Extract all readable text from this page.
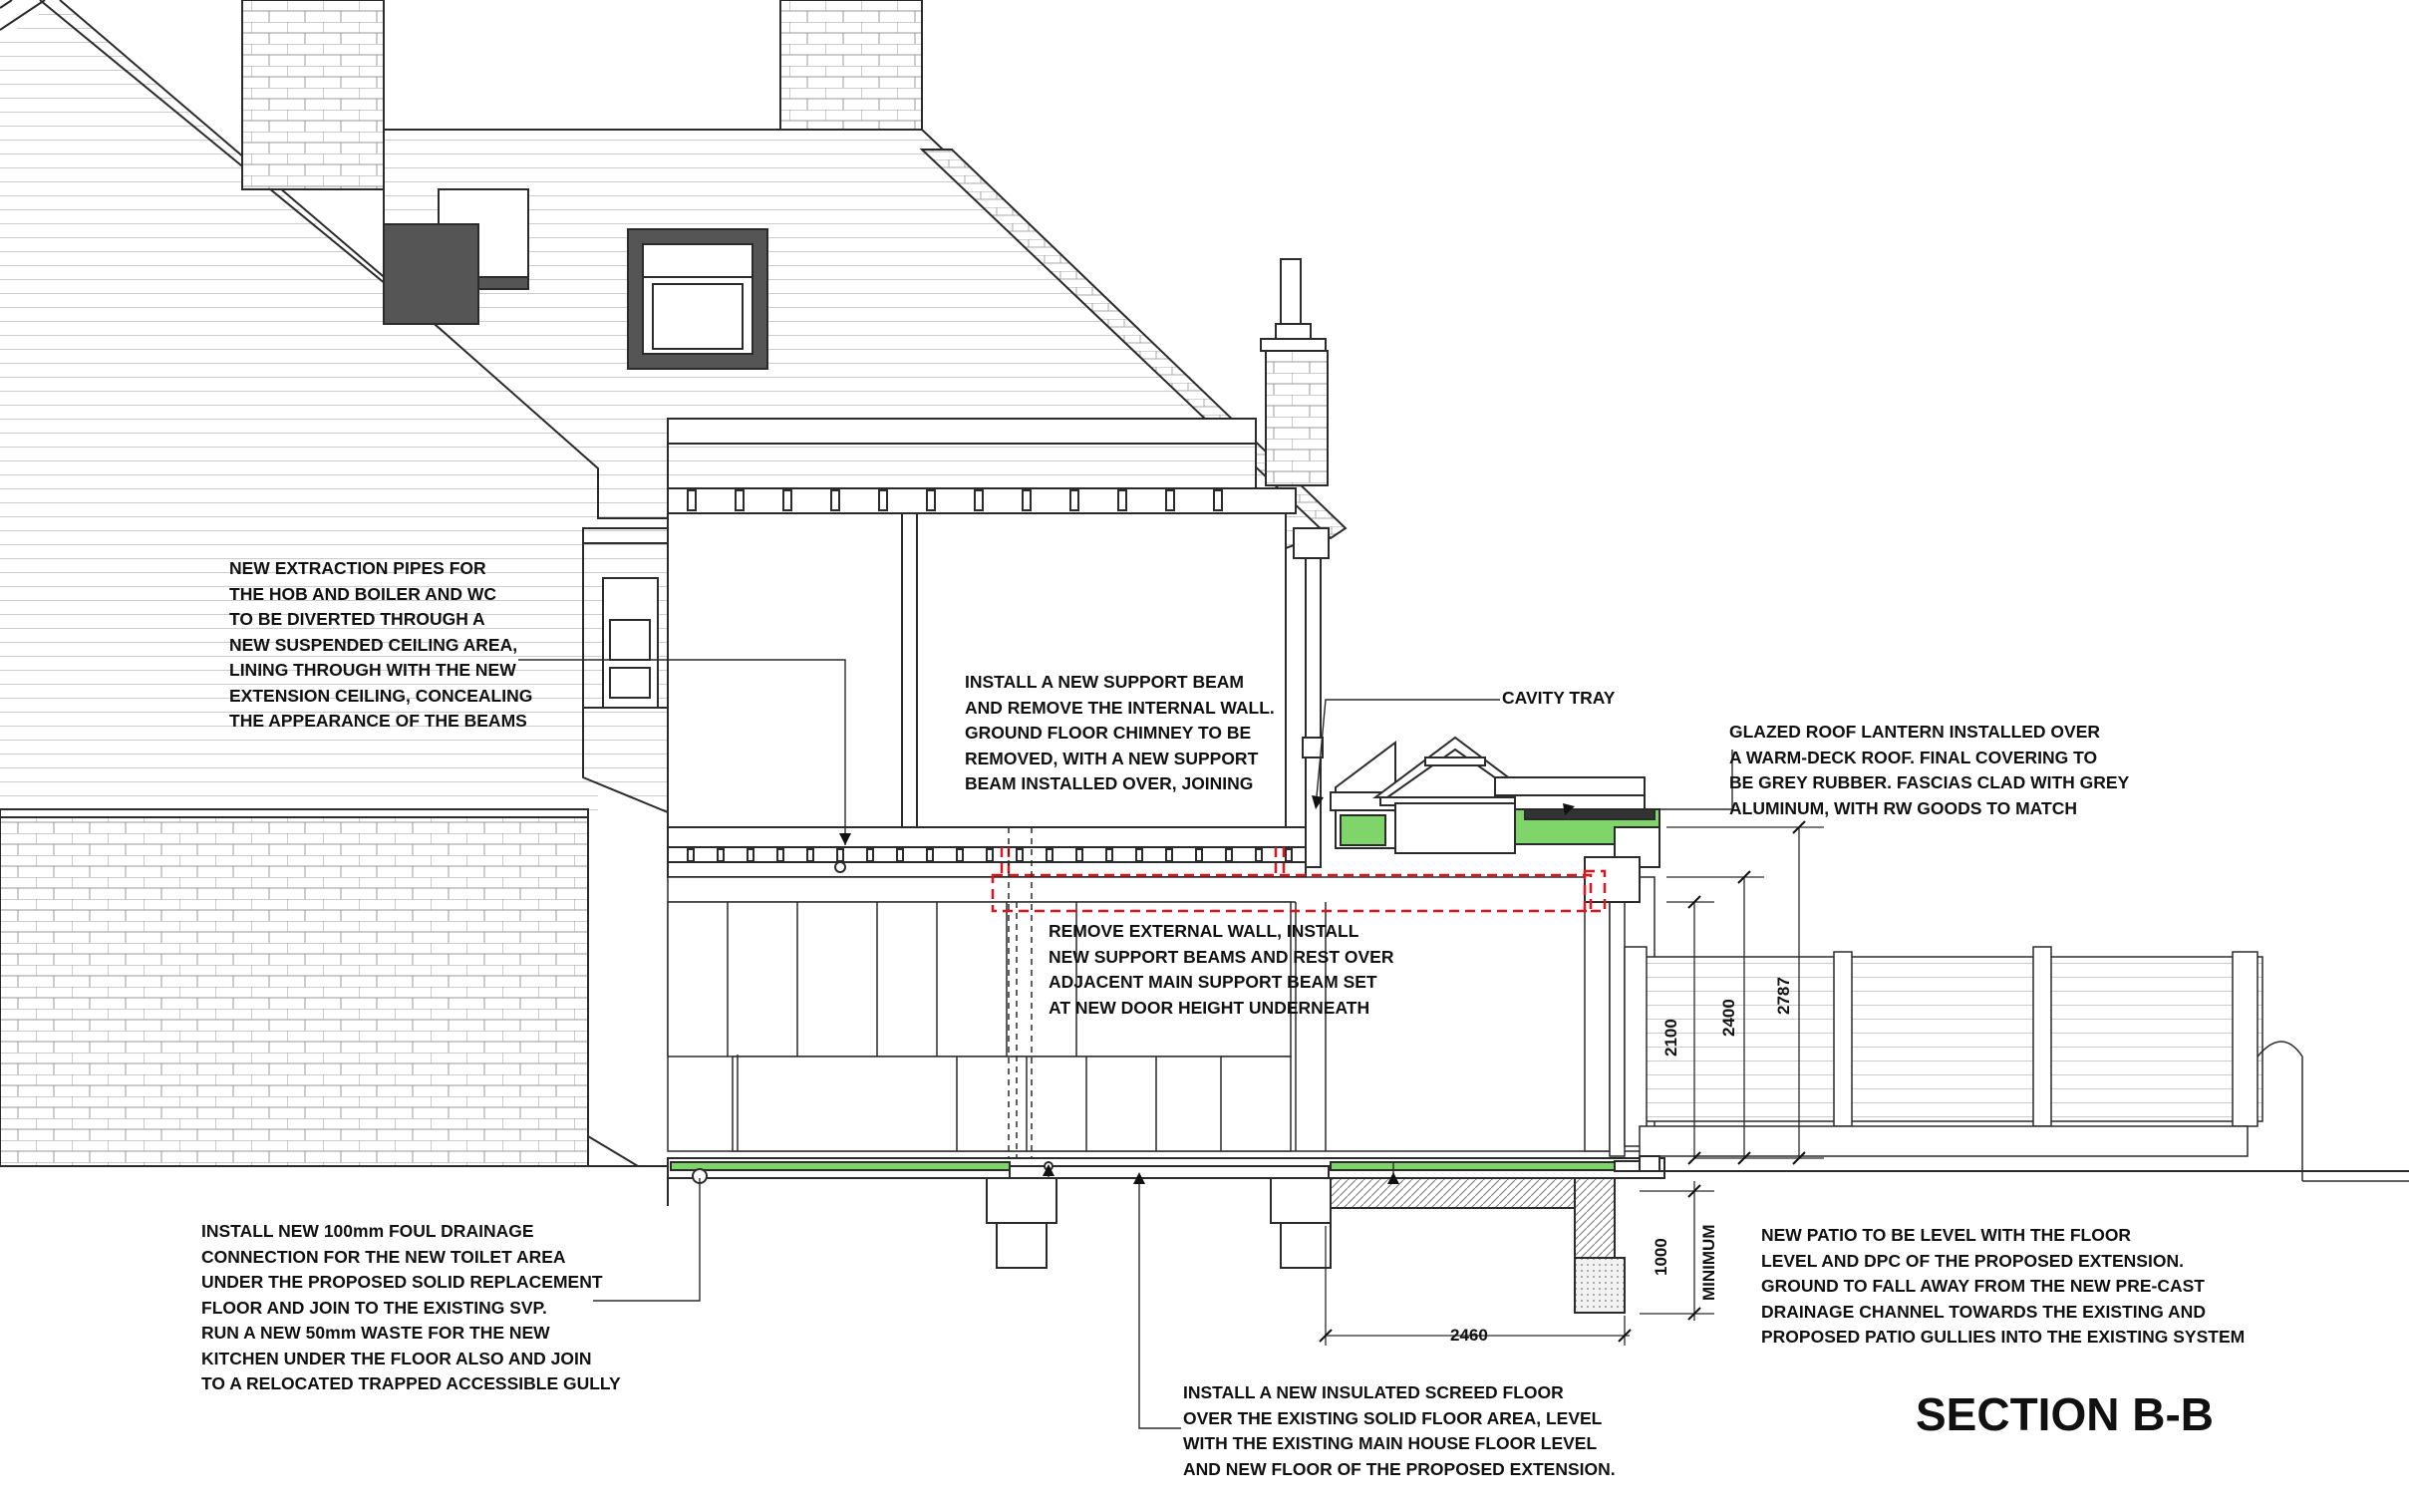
2100
2400
2787
1000 MINIMUM
2460

NEW EXTRACTION PIPES FOR
THE HOB AND BOILER AND WC
TO BE DIVERTED THROUGH A
NEW SUSPENDED CEILING AREA,
LINING THROUGH WITH THE NEW
EXTENSION CEILING, CONCEALING
THE APPEARANCE OF THE BEAMS

INSTALL A NEW SUPPORT BEAM
AND REMOVE THE INTERNAL WALL.
GROUND FLOOR CHIMNEY TO BE
REMOVED, WITH A NEW SUPPORT
BEAM INSTALLED OVER, JOINING

CAVITY TRAY

GLAZED ROOF LANTERN INSTALLED OVER
A WARM-DECK ROOF. FINAL COVERING TO
BE GREY RUBBER. FASCIAS CLAD WITH GREY
ALUMINUM, WITH RW GOODS TO MATCH

REMOVE EXTERNAL WALL, INSTALL
NEW SUPPORT BEAMS AND REST OVER
ADJACENT MAIN SUPPORT BEAM SET
AT NEW DOOR HEIGHT UNDERNEATH

INSTALL NEW 100mm FOUL DRAINAGE
CONNECTION FOR THE NEW TOILET AREA
UNDER THE PROPOSED SOLID REPLACEMENT
FLOOR AND JOIN TO THE EXISTING SVP.
RUN A NEW 50mm WASTE FOR THE NEW
KITCHEN UNDER THE FLOOR ALSO AND JOIN
TO A RELOCATED TRAPPED ACCESSIBLE GULLY

NEW PATIO TO BE LEVEL WITH THE FLOOR
LEVEL AND DPC OF THE PROPOSED EXTENSION.
GROUND TO FALL AWAY FROM THE NEW PRE-CAST
DRAINAGE CHANNEL TOWARDS THE EXISTING AND
PROPOSED PATIO GULLIES INTO THE EXISTING SYSTEM

INSTALL A NEW INSULATED SCREED FLOOR
OVER THE EXISTING SOLID FLOOR AREA, LEVEL
WITH THE EXISTING MAIN HOUSE FLOOR LEVEL
AND NEW FLOOR OF THE PROPOSED EXTENSION.

SECTION B-B
